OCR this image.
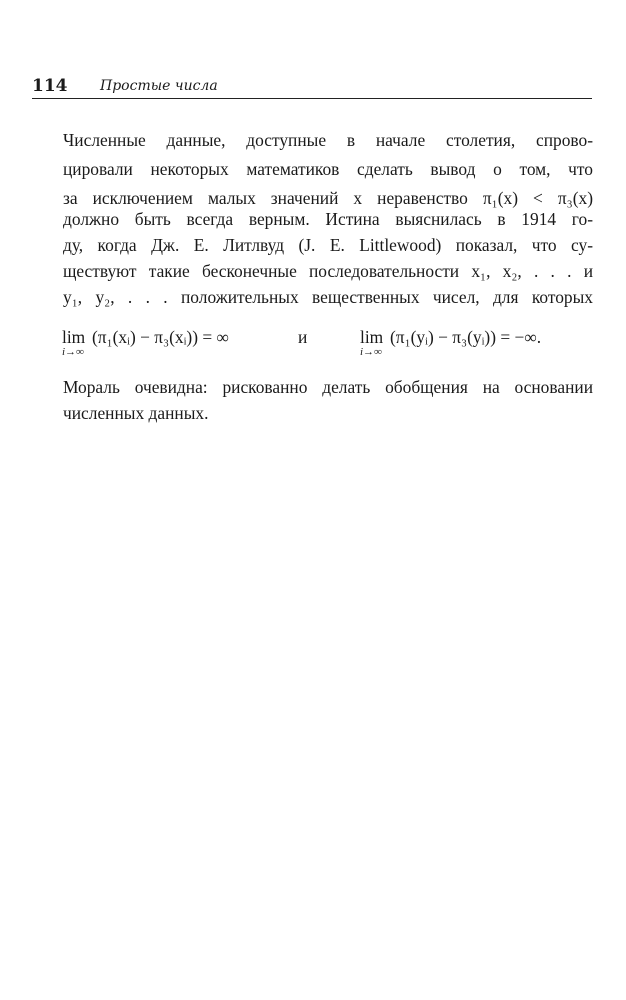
114 Простые числа
Численные данные, доступные в начале столетия, спрово-
цировали некоторых математиков сделать вывод о том, что
за исключением малых значений x неравенство π₁(x) < π₃(x)
должно быть всегда верным. Истина выяснилась в 1914 го-
ду, когда Дж. Е. Литлвуд (J. E. Littlewood) показал, что су-
ществуют такие бесконечные последовательности x₁, x₂, . . . и
y₁, y₂, . . . положительных вещественных чисел, для которых
lim
i→∞
(π₁(xᵢ) − π₃(xᵢ)) = ∞	и	lim
i→∞
(π₁(yᵢ) − π₃(yᵢ)) = −∞.
Мораль очевидна: рискованно делать обобщения на основании
численных данных.
